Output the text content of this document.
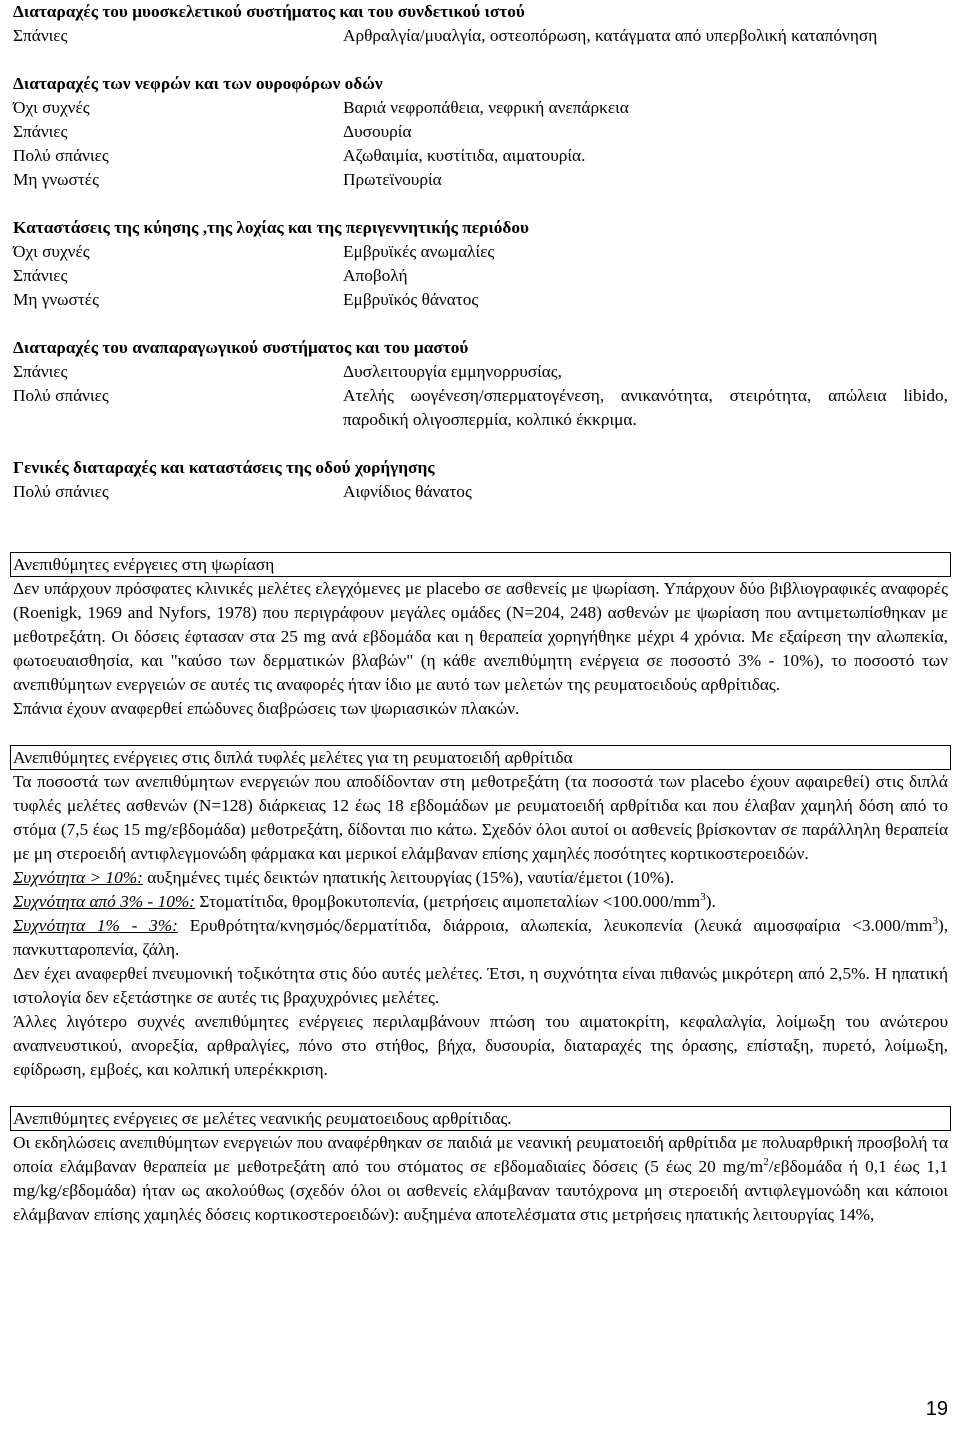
Διαταραχές του μυοσκελετικού συστήματος και του συνδετικού ιστού
Σπάνιες	Αρθραλγία/μυαλγία, οστεοπόρωση, κατάγματα από υπερβολική καταπόνηση
Διαταραχές των νεφρών και των ουροφόρων οδών
Όχι συχνές	Βαριά νεφροπάθεια, νεφρική ανεπάρκεια
Σπάνιες	Δυσουρία
Πολύ σπάνιες	Αζωθαιμία, κυστίτιδα, αιματουρία.
Μη γνωστές	Πρωτεϊνουρία
Καταστάσεις της κύησης ,της λοχίας και της περιγεννητικής περιόδου
Όχι συχνές	Εμβρυϊκές ανωμαλίες
Σπάνιες	Αποβολή
Μη γνωστές	Εμβρυϊκός θάνατος
Διαταραχές του αναπαραγωγικού συστήματος και του μαστού
Σπάνιες	Δυσλειτουργία εμμηνορρυσίας,
Πολύ σπάνιες	Ατελής ωογένεση/σπερματογένεση, ανικανότητα, στειρότητα, απώλεια libido, παροδική ολιγοσπερμία, κολπικό έκκριμα.
Γενικές διαταραχές και καταστάσεις της οδού χορήγησης
Πολύ σπάνιες	Αιφνίδιος θάνατος
Ανεπιθύμητες ενέργειες στη ψωρίαση

Δεν υπάρχουν πρόσφατες κλινικές μελέτες ελεγχόμενες με placebo σε ασθενείς με ψωρίαση. Υπάρχουν δύο βιβλιογραφικές αναφορές (Roenigk, 1969 and Nyfors, 1978) που περιγράφουν μεγάλες ομάδες (N=204, 248) ασθενών με ψωρίαση που αντιμετωπίσθηκαν με μεθοτρεξάτη. Οι δόσεις έφτασαν στα 25 mg ανά εβδομάδα και η θεραπεία χορηγήθηκε μέχρι 4 χρόνια. Με εξαίρεση την αλωπεκία, φωτοευαισθησία, και "καύσο των δερματικών βλαβών" (η κάθε ανεπιθύμητη ενέργεια σε ποσοστό 3% - 10%), το ποσοστό των ανεπιθύμητων ενεργειών σε αυτές τις αναφορές ήταν ίδιο με αυτό των μελετών της ρευματοειδούς αρθρίτιδας.

Σπάνια έχουν αναφερθεί επώδυνες διαβρώσεις των ψωριασικών πλακών.

Ανεπιθύμητες ενέργειες στις διπλά τυφλές μελέτες για τη ρευματοειδή αρθρίτιδα

Τα ποσοστά των ανεπιθύμητων ενεργειών που αποδίδονταν στη μεθοτρεξάτη (τα ποσοστά των placebo έχουν αφαιρεθεί) στις διπλά τυφλές μελέτες ασθενών (N=128) διάρκειας 12 έως 18 εβδομάδων με ρευματοειδή αρθρίτιδα και που έλαβαν χαμηλή δόση από το στόμα (7,5 έως 15 mg/εβδομάδα) μεθοτρεξάτη, δίδονται πιο κάτω. Σχεδόν όλοι αυτοί οι ασθενείς βρίσκονταν σε παράλληλη θεραπεία με μη στεροειδή αντιφλεγμονώδη φάρμακα και μερικοί ελάμβαναν επίσης χαμηλές ποσότητες κορτικοστεροειδών.

Συχνότητα > 10%: αυξημένες τιμές δεικτών ηπατικής λειτουργίας (15%), ναυτία/έμετοι (10%).

Συχνότητα από 3% - 10%: Στοματίτιδα, θρομβοκυτοπενία, (μετρήσεις $\alpha\iota\mu o\pi\varepsilon\tau\alpha\lambda ί\omega\nu <100.000/mm^3$).

Συχνότητα 1% - 3%: Ερυθρότητα/κνησμός/δερματίτιδα, διάρροια, αλωπεκία, λευκοπενία (λευκά $\alpha\iota\mu o\sigma\varphi\alpha ί\rho\iota\alpha <3.000/mm^3$), πανκυτταροπενία, ζάλη.

Δεν έχει αναφερθεί πνευμονική τοξικότητα στις δύο αυτές μελέτες. Έτσι, η συχνότητα είναι πιθανώς μικρότερη από 2,5%. Η ηπατική ιστολογία δεν εξετάστηκε σε αυτές τις βραχυχρόνιες μελέτες.

Άλλες λιγότερο συχνές ανεπιθύμητες ενέργειες περιλαμβάνουν πτώση του αιματοκρίτη, κεφαλαλγία, λοίμωξη του ανώτερου αναπνευστικού, ανορεξία, αρθραλγίες, πόνο στο στήθος, βήχα, δυσουρία, διαταραχές της όρασης, επίσταξη, πυρετό, λοίμωξη, εφίδρωση, εμβοές, και κολπική υπερέκκριση.

Ανεπιθύμητες ενέργειες σε μελέτες νεανικής ρευματοειδους αρθρίτιδας.

Οι εκδηλώσεις ανεπιθύμητων ενεργειών που αναφέρθηκαν σε παιδιά με νεανική ρευματοειδή αρθρίτιδα με πολυαρθρική προσβολή τα οποία ελάμβαναν θεραπεία με μεθοτρεξάτη από του στόματος σε εβδομαδιαίες δόσεις (5 έως 20 $mg/m^2$/εβδομάδα ή 0,1 έως 1,1 mg/kg/εβδομάδα) ήταν ως ακολούθως (σχεδόν όλοι οι ασθενείς ελάμβαναν ταυτόχρονα μη στεροειδή αντιφλεγμονώδη και κάποιοι ελάμβαναν επίσης χαμηλές δόσεις κορτικοστεροειδών): αυξημένα αποτελέσματα στις μετρήσεις ηπατικής λειτουργίας 14%,

19
